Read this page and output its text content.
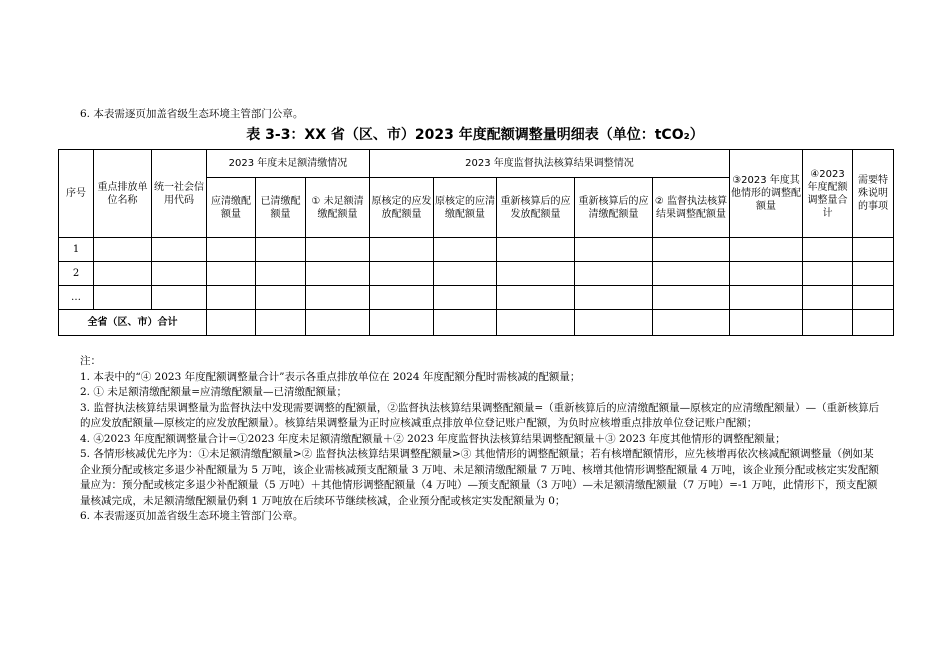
6. 本表需逐页加盖省级生态环境主管部门公章。
表 3-3：XX 省（区、市）2023 年度配额调整量明细表（单位：tCO₂）
序号	重点排放单位名称	统一社会信用代码	2023 年度未足额清缴情况			2023 年度监督执法核算结果调整情况					③2023 年度其他情形的调整配额量	④2023 年度配额调整量合计	需要特殊说明的事项
			应清缴配额量	已清缴配额量	① 未足额清缴配额量	原核定的应发放配额量	原核定的应清缴配额量	重新核算后的应发放配额量	重新核算后的应清缴配额量	② 监督执法核算结果调整配额量			
1													
2													
…													
全省（区、市）合计													

注：

1. 本表中的“④ 2023 年度配额调整量合计”表示各重点排放单位在 2024 年度配额分配时需核减的配额量；

2. ① 未足额清缴配额量=应清缴配额量—已清缴配额量；

3. 监督执法核算结果调整量为监督执法中发现需要调整的配额量，②监督执法核算结果调整配额量=（重新核算后的应清缴配额量—原核定的应清缴配额量）—（重新核算后的应发放配额量—原核定的应发放配额量）。核算结果调整量为正时应核减重点排放单位登记账户配额，为负时应核增重点排放单位登记账户配额；

4. ④2023 年度配额调整量合计=①2023 年度未足额清缴配额量＋② 2023 年度监督执法核算结果调整配额量＋③ 2023 年度其他情形的调整配额量；

5. 各情形核减优先序为：①未足额清缴配额量>② 监督执法核算结果调整配额量>③ 其他情形的调整配额量；若有核增配额情形，应先核增再依次核减配额调整量（例如某企业预分配或核定多退少补配额量为 5 万吨，该企业需核减预支配额量 3 万吨、未足额清缴配额量 7 万吨、核增其他情形调整配额量 4 万吨，该企业预分配或核定实发配额量应为：预分配或核定多退少补配额量（5 万吨）＋其他情形调整配额量（4 万吨）—预支配额量（3 万吨）—未足额清缴配额量（7 万吨）=-1 万吨，此情形下，预支配额量核减完成，未足额清缴配额量仍剩 1 万吨放在后续环节继续核减，企业预分配或核定实发配额量为 0；

6. 本表需逐页加盖省级生态环境主管部门公章。
